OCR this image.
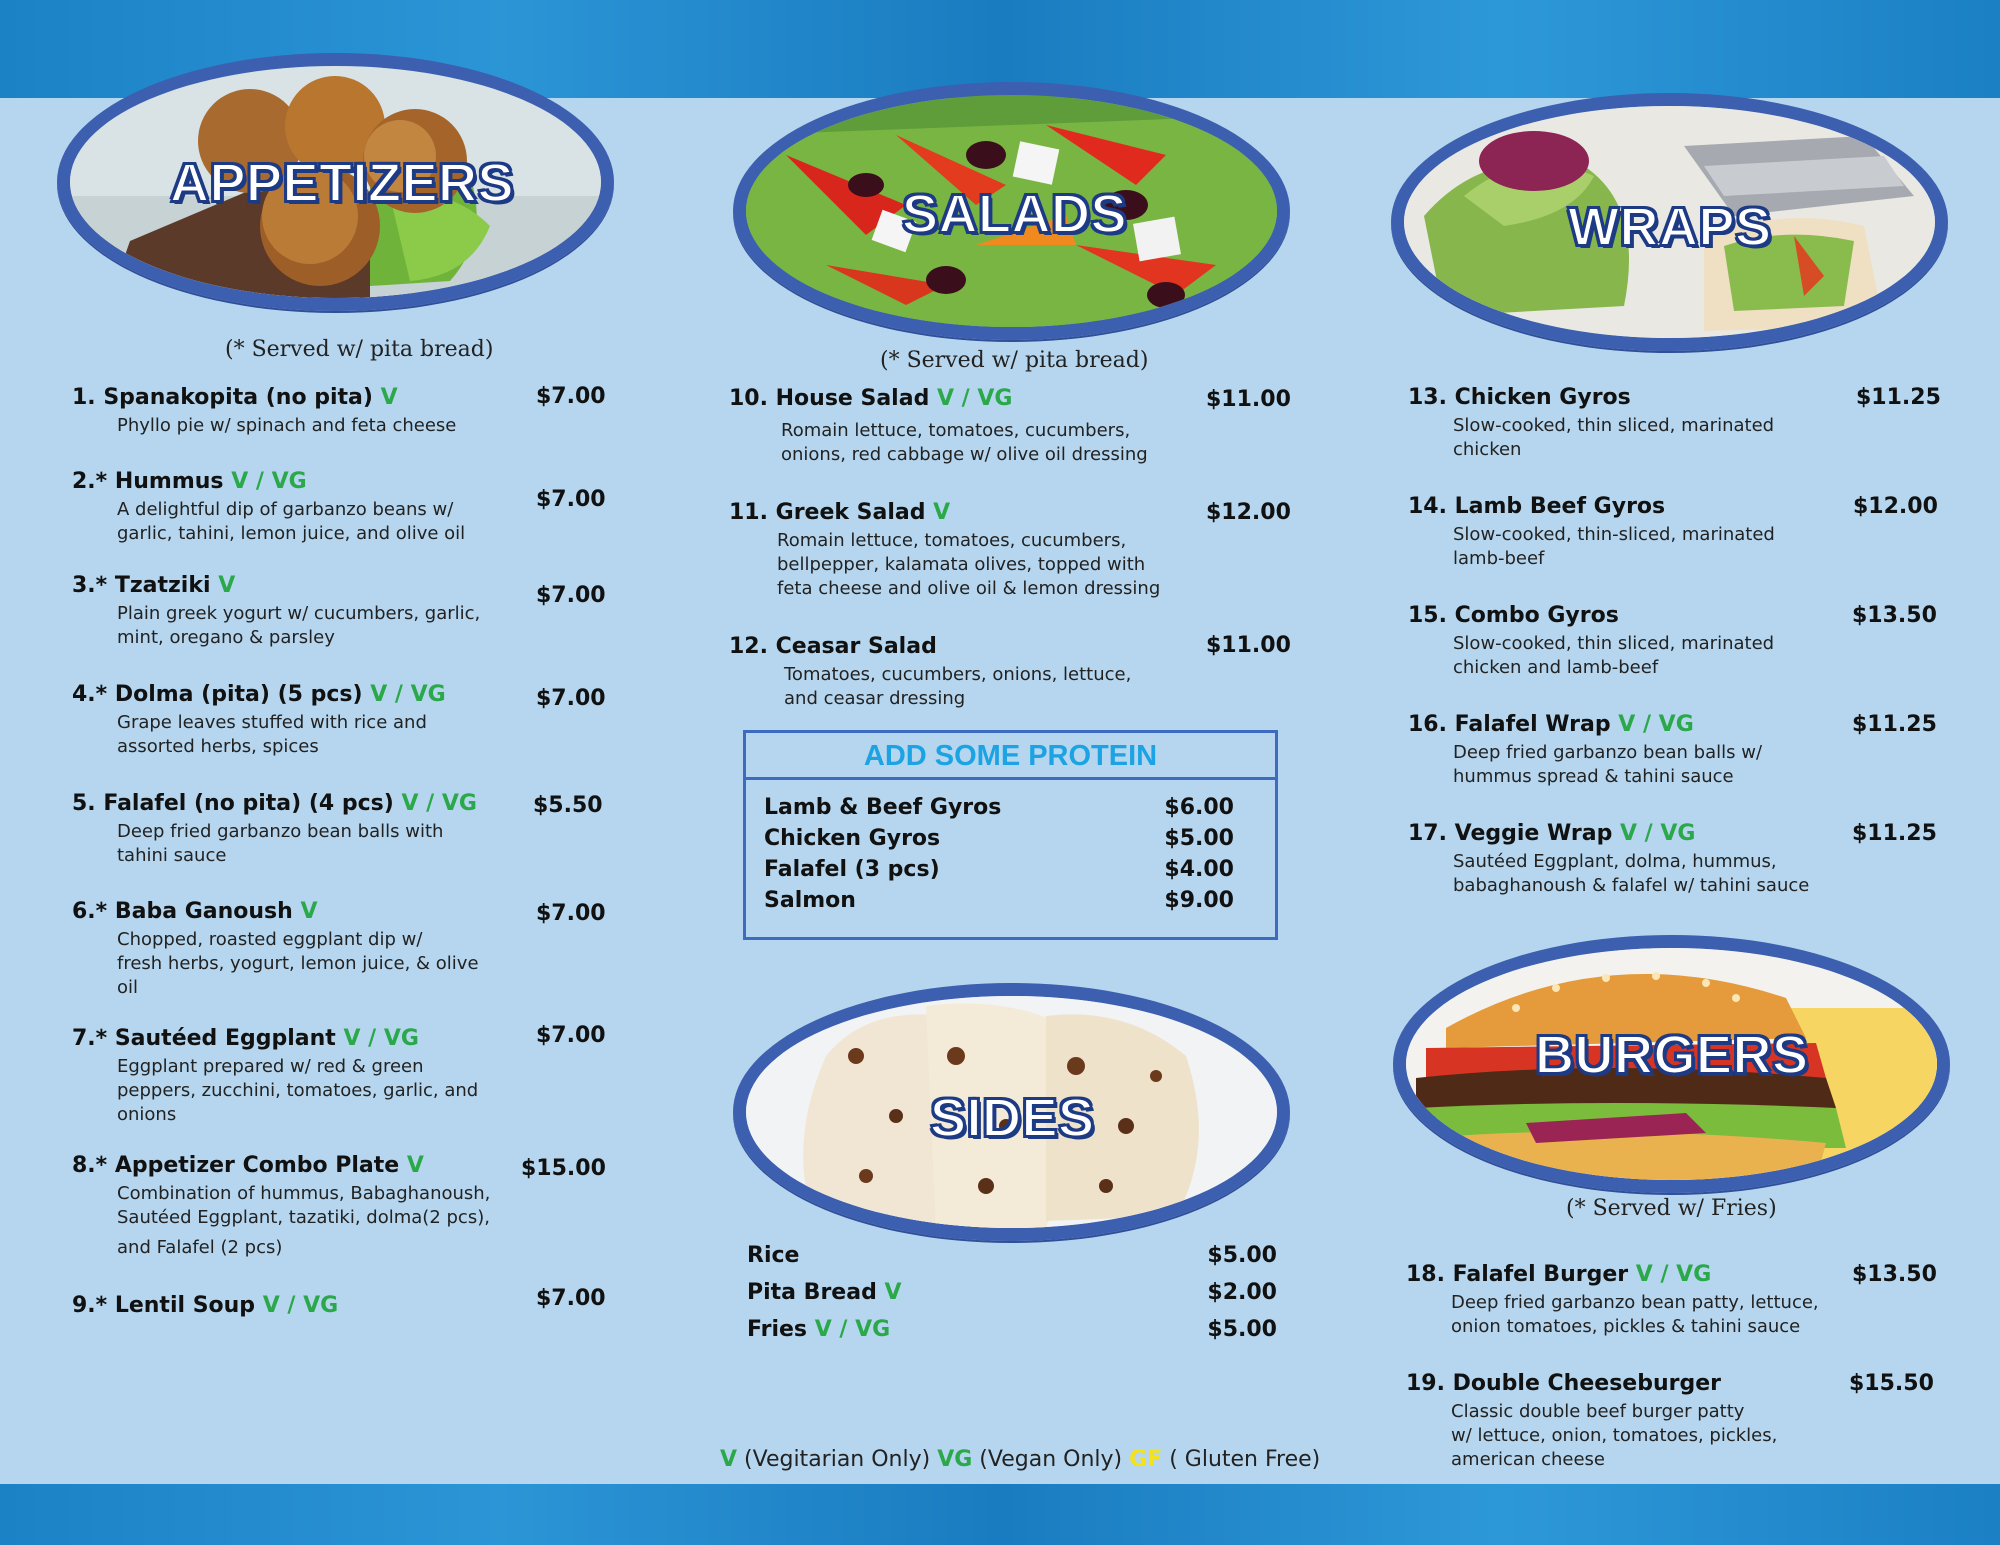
APPETIZERS
SALADS	WRAPS
SIDES
BURGERS
(* Served w/ pita bread)	(* Served w/ pita bread)
(* Served w/ Fries)
1. Spanakopita (no pita) V
Phyllo pie w/ spinach and feta cheese
$7.00
2.* Hummus V / VG
A delightful dip of garbanzo beans w/
garlic, tahini, lemon juice, and olive oil
$7.00
3.* Tzatziki V
Plain greek yogurt w/ cucumbers, garlic,
mint, oregano & parsley
$7.00
4.* Dolma (pita) (5 pcs) V / VG
Grape leaves stuffed with rice and
assorted herbs, spices
$7.00
5. Falafel (no pita) (4 pcs) V / VG
Deep fried garbanzo bean balls with
tahini sauce
$5.50
6.* Baba Ganoush V
Chopped, roasted eggplant dip w/
fresh herbs, yogurt, lemon juice, & olive
oil
$7.00
7.* Sautéed Eggplant V / VG
Eggplant prepared w/ red & green
peppers, zucchini, tomatoes, garlic, and
onions
$7.00
8.* Appetizer Combo Plate V
Combination of hummus, Babaghanoush,
Sautéed Eggplant, tazatiki, dolma(2 pcs),
and Falafel (2 pcs)
$15.00
9.* Lentil Soup V / VG	$7.00
10. House Salad V / VG
Romain lettuce, tomatoes, cucumbers,
onions, red cabbage w/ olive oil dressing
$11.00
11. Greek Salad V
Romain lettuce, tomatoes, cucumbers,
bellpepper, kalamata olives, topped with
feta cheese and olive oil & lemon dressing
$12.00
12. Ceasar Salad
Tomatoes, cucumbers, onions, lettuce,
and ceasar dressing
$11.00
ADD SOME PROTEIN
Lamb & Beef Gyros	$6.00
Chicken Gyros	$5.00
Falafel (3 pcs)	$4.00
Salmon	$9.00
Rice	$5.00
Pita Bread V	$2.00
Fries V / VG	$5.00
13. Chicken Gyros
Slow-cooked, thin sliced, marinated
chicken
$11.25
14. Lamb Beef Gyros
Slow-cooked, thin-sliced, marinated
lamb-beef
$12.00
15. Combo Gyros
Slow-cooked, thin sliced, marinated
chicken and lamb-beef
$13.50
16. Falafel Wrap V / VG
Deep fried garbanzo bean balls w/
hummus spread & tahini sauce
$11.25
17. Veggie Wrap V / VG
Sautéed Eggplant, dolma, hummus,
babaghanoush & falafel w/ tahini sauce
$11.25
18. Falafel Burger V / VG
Deep fried garbanzo bean patty, lettuce,
onion tomatoes, pickles & tahini sauce
$13.50
19. Double Cheeseburger
Classic double beef burger patty
w/ lettuce, onion, tomatoes, pickles,
american cheese
$15.50
V (Vegitarian Only) VG (Vegan Only) GF ( Gluten Free)
